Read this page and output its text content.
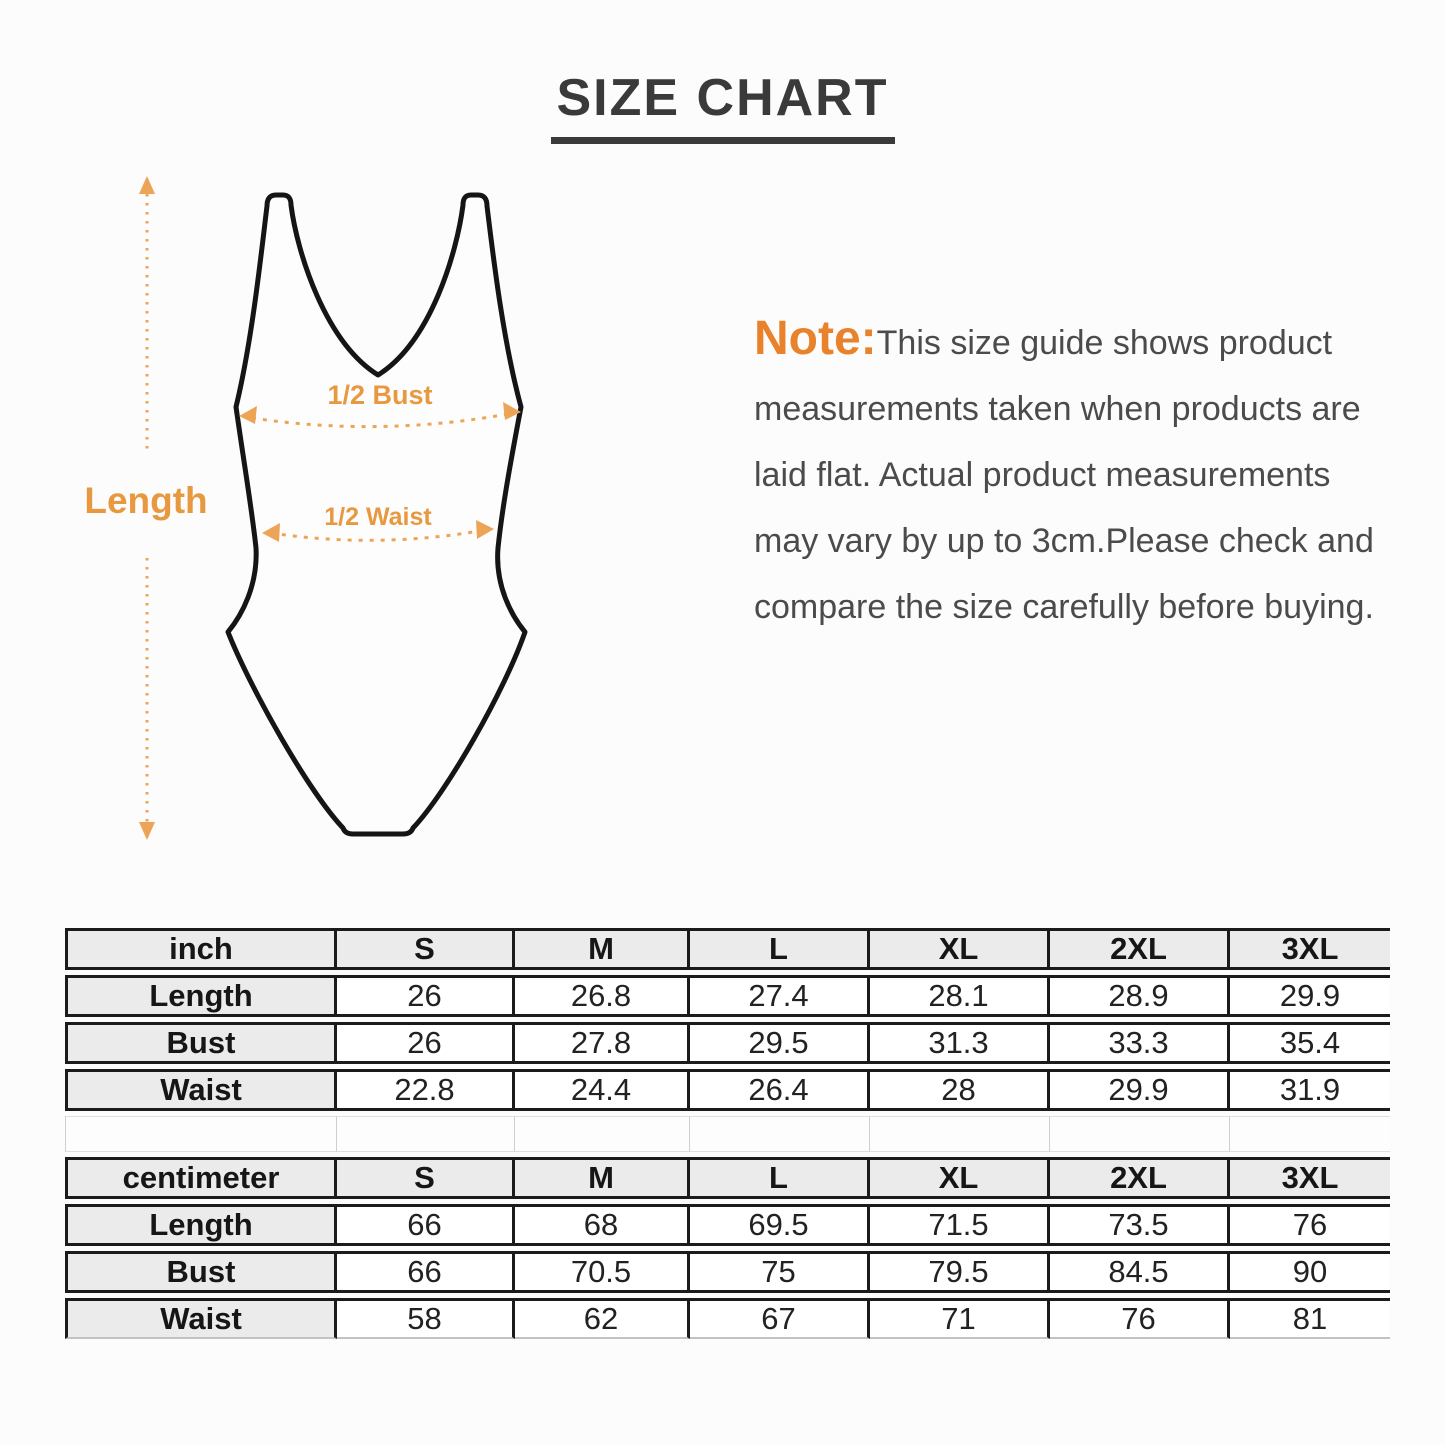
SIZE CHART
Length
1/2 Bust
1/2 Waist
Note:This size guide shows product
measurements taken when products are
laid flat. Actual product measurements
may vary by up to 3cm.Please check and
compare the size carefully before buying.
inch	S	M	L	XL	2XL	3XL
Length	26	26.8	27.4	28.1	28.9	29.9
Bust	26	27.8	29.5	31.3	33.3	35.4
Waist	22.8	24.4	26.4	28	29.9	31.9

centimeter	S	M	L	XL	2XL	3XL
Length	66	68	69.5	71.5	73.5	76
Bust	66	70.5	75	79.5	84.5	90
Waist	58	62	67	71	76	81
